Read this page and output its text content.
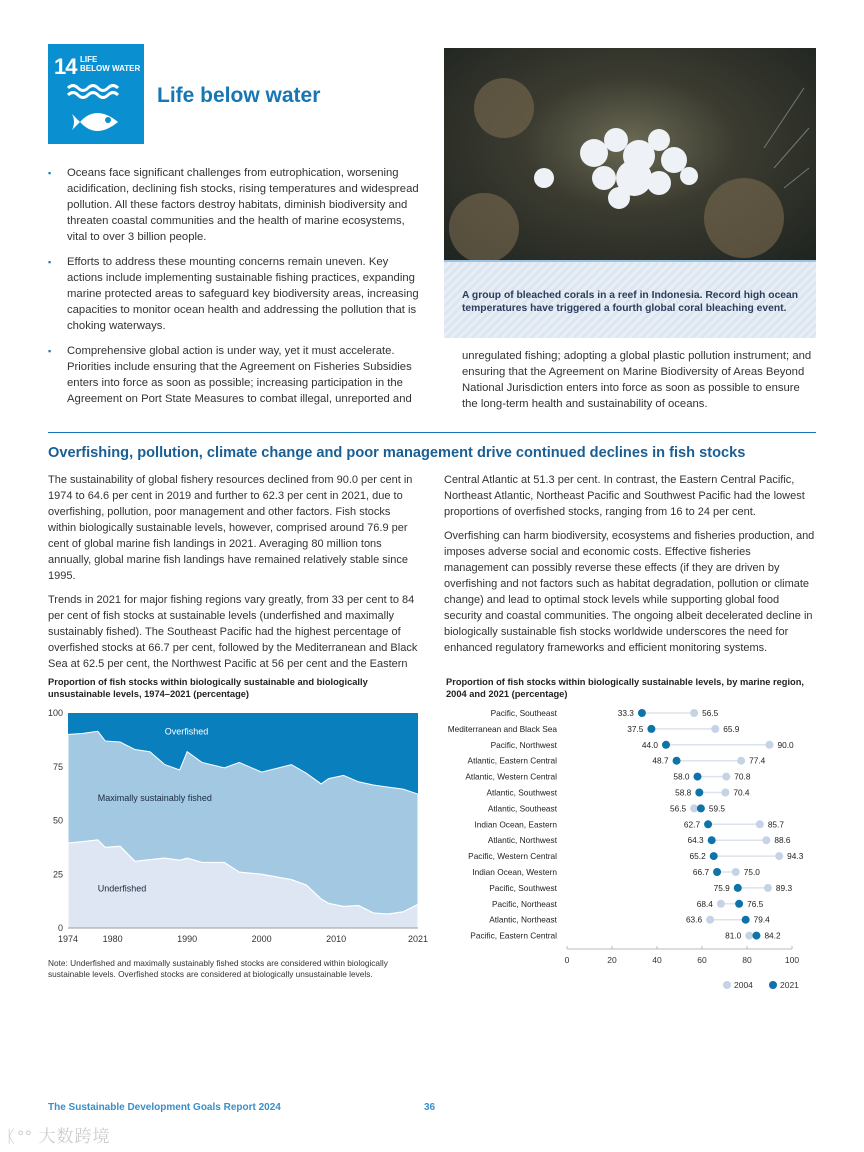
14 LIFE
BELOW WATER
Life below water
▪ Oceans face significant challenges from eutrophication, worsening acidification, declining fish stocks, rising temperatures and widespread pollution. All these factors destroy habitats, diminish biodiversity and threaten coastal communities and the health of marine ecosystems, vital to over 3 billion people.
▪ Efforts to address these mounting concerns remain uneven. Key actions include implementing sustainable fishing practices, expanding marine protected areas to safeguard key biodiversity areas, increasing capacities to monitor ocean health and addressing the pollution that is choking waterways.
▪ Comprehensive global action is under way, yet it must accelerate. Priorities include ensuring that the Agreement on Fisheries Subsidies enters into force as soon as possible; increasing participation in the Agreement on Port State Measures to combat illegal, unreported and

A group of bleached corals in a reef in Indonesia. Record high ocean temperatures have triggered a fourth global coral bleaching event.

unregulated fishing; adopting a global plastic pollution instrument; and ensuring that the Agreement on Marine Biodiversity of Areas Beyond National Jurisdiction enters into force as soon as possible to ensure the long-term health and sustainability of oceans.

Overfishing, pollution, climate change and poor management drive continued declines in fish stocks

The sustainability of global fishery resources declined from 90.0 per cent in 1974 to 64.6 per cent in 2019 and further to 62.3 per cent in 2021, due to overfishing, pollution, poor management and other factors. Fish stocks within biologically sustainable levels, however, comprised around 76.9 per cent of global marine fish landings in 2021. Averaging 80 million tons annually, global marine fish landings have remained relatively stable since 1995.

Trends in 2021 for major fishing regions vary greatly, from 33 per cent to 84 per cent of fish stocks at sustainable levels (underfished and maximally sustainably fished). The Southeast Pacific had the highest percentage of overfished stocks at 66.7 per cent, followed by the Mediterranean and Black Sea at 62.5 per cent, the Northwest Pacific at 56 per cent and the Eastern

Central Atlantic at 51.3 per cent. In contrast, the Eastern Central Pacific, Northeast Atlantic, Northeast Pacific and Southwest Pacific had the lowest proportions of overfished stocks, ranging from 16 to 24 per cent.

Overfishing can harm biodiversity, ecosystems and fisheries production, and imposes adverse social and economic costs. Effective fisheries management can possibly reverse these effects (if they are driven by overfishing and not factors such as habitat degradation, pollution or climate change) and lead to optimal stock levels while supporting global food security and coastal communities. The ongoing albeit decelerated decline in biologically sustainable fish stocks worldwide underscores the need for enhanced regulatory frameworks and efficient monitoring systems.

Proportion of fish stocks within biologically sustainable and biologically unsustainable levels, 1974–2021 (percentage)
0
25
50
75
100
1974	1980	1990	2000	2010	2021
Overfished
Maximally sustainably fished
Underfished

Note: Underfished and maximally sustainably fished stocks are considered within biologically sustainable levels. Overfished stocks are considered at biologically unsustainable levels.

Proportion of fish stocks within biologically sustainable levels, by marine region, 2004 and 2021 (percentage)
Pacific, Southeast	33.3	56.5
Mediterranean and Black Sea	37.5	65.9
Pacific, Northwest	44.0	90.0
Atlantic, Eastern Central	48.7	77.4
Atlantic, Western Central	58.0	70.8
Atlantic, Southwest	58.8	70.4
Atlantic, Southeast	56.5	59.5
Indian Ocean, Eastern	62.7	85.7
Atlantic, Northwest	64.3	88.6
Pacific, Western Central	65.2	94.3
Indian Ocean, Western	66.7	75.0
Pacific, Southwest	75.9	89.3
Pacific, Northeast	68.4	76.5
Atlantic, Northeast	63.6	79.4
Pacific, Eastern Central	81.0	84.2
0	20	40	60	80	100
2004	2021
The Sustainable Development Goals Report 2024	36
ᛕ°° 大数跨境
